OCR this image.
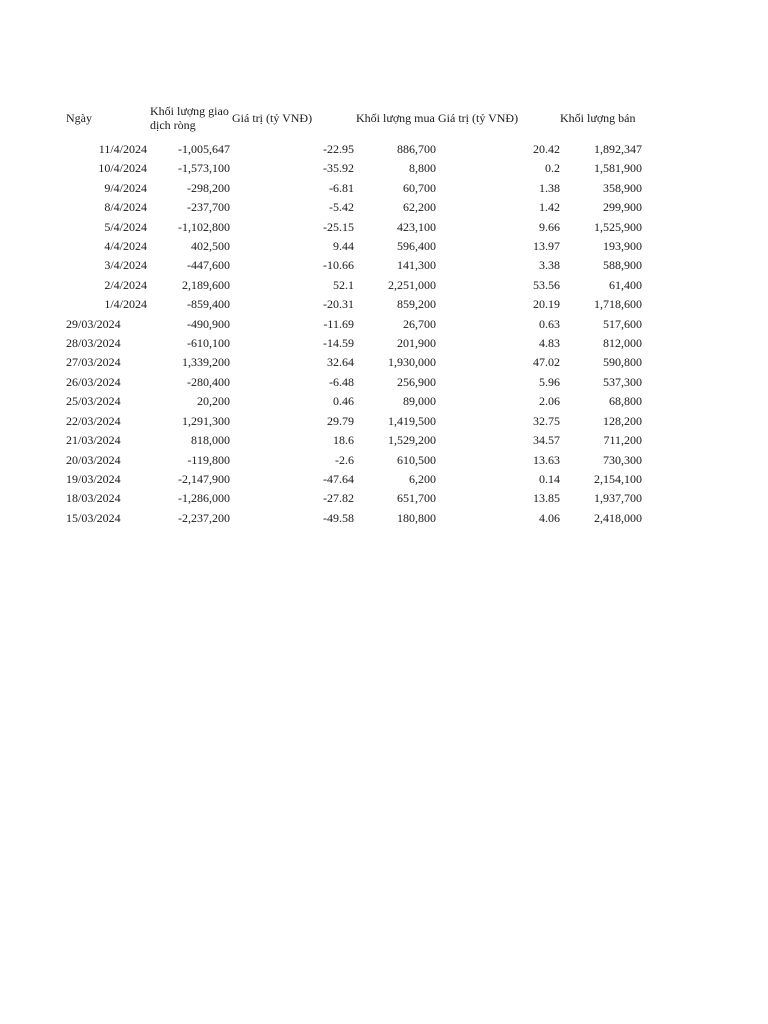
Ngày	Khối lượng giao dịch ròng	Giá trị (tỷ VNĐ)	Khối lượng mua	Giá trị (tỷ VNĐ)	Khối lượng bán
11/4/2024	-1,005,647	-22.95	886,700	20.42	1,892,347
10/4/2024	-1,573,100	-35.92	8,800	0.2	1,581,900
9/4/2024	-298,200	-6.81	60,700	1.38	358,900
8/4/2024	-237,700	-5.42	62,200	1.42	299,900
5/4/2024	-1,102,800	-25.15	423,100	9.66	1,525,900
4/4/2024	402,500	9.44	596,400	13.97	193,900
3/4/2024	-447,600	-10.66	141,300	3.38	588,900
2/4/2024	2,189,600	52.1	2,251,000	53.56	61,400
1/4/2024	-859,400	-20.31	859,200	20.19	1,718,600
29/03/2024	-490,900	-11.69	26,700	0.63	517,600
28/03/2024	-610,100	-14.59	201,900	4.83	812,000
27/03/2024	1,339,200	32.64	1,930,000	47.02	590,800
26/03/2024	-280,400	-6.48	256,900	5.96	537,300
25/03/2024	20,200	0.46	89,000	2.06	68,800
22/03/2024	1,291,300	29.79	1,419,500	32.75	128,200
21/03/2024	818,000	18.6	1,529,200	34.57	711,200
20/03/2024	-119,800	-2.6	610,500	13.63	730,300
19/03/2024	-2,147,900	-47.64	6,200	0.14	2,154,100
18/03/2024	-1,286,000	-27.82	651,700	13.85	1,937,700
15/03/2024	-2,237,200	-49.58	180,800	4.06	2,418,000
